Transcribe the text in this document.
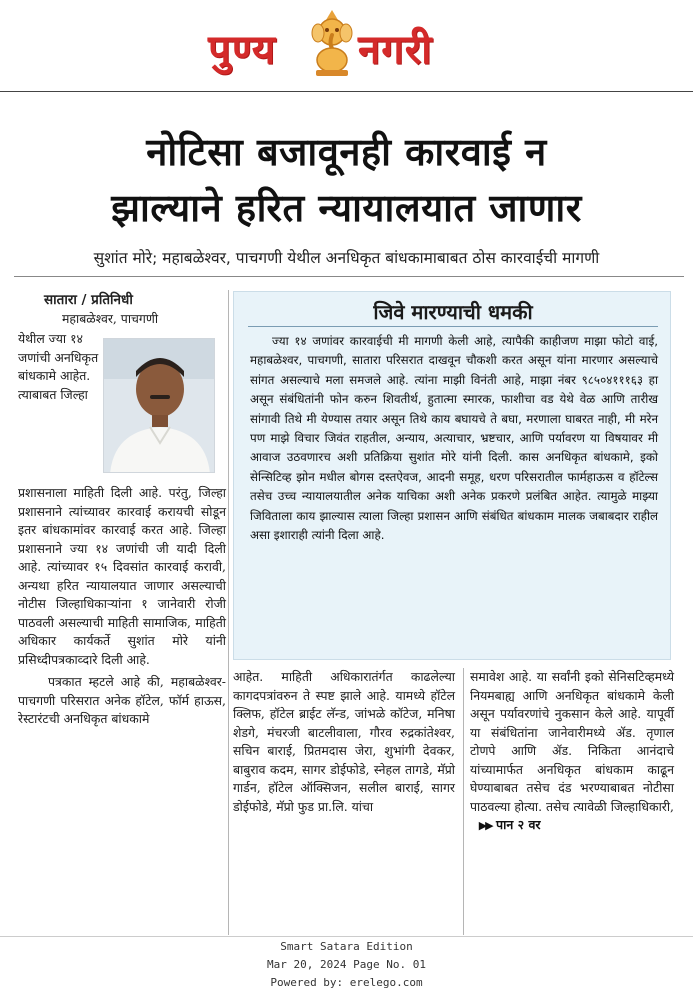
पुण्य नगरी
नोटिसा बजावूनही कारवाई न
झाल्याने हरित न्यायालयात जाणार
सुशांत मोरे; महाबळेश्वर, पाचगणी येथील अनधिकृत बांधकामाबाबत ठोस कारवाईची मागणी
सातारा / प्रतिनिधी
महाबळेश्वर, पाचगणी
येथील ज्या १४ जणांची अनधिकृत बांधकामे आहेत. त्याबाबत जिल्हा

प्रशासनाला माहिती दिली आहे. परंतु, जिल्हा प्रशासनाने त्यांच्यावर कारवाई करायची सोडून इतर बांधकामांवर कारवाई करत आहे. जिल्हा प्रशासनाने ज्या १४ जणांची जी यादी दिली आहे. त्यांच्यावर १५ दिवसांत कारवाई करावी, अन्यथा हरित न्यायालयात जाणार असल्याची नोटीस जिल्हाधिकाऱ्यांना १ जानेवारी रोजी पाठवली असल्याची माहिती सामाजिक, माहिती अधिकार कार्यकर्ते सुशांत मोरे यांनी प्रसिध्दीपत्रकाव्दारे दिली आहे.

पत्रकात म्हटले आहे की, महाबळेश्वर-पाचगणी परिसरात अनेक हॉटेल, फॉर्म हाऊस, रेस्टारंटची अनधिकृत बांधकामे

जिवे मारण्याची धमकी

ज्या १४ जणांवर कारवाईची मी मागणी केली आहे, त्यापैकी काहीजण माझा फोटो वाई, महाबळेश्वर, पाचगणी, सातारा परिसरात दाखवून चौकशी करत असून यांना मारणार असल्याचे सांगत असल्याचे मला समजले आहे. त्यांना माझी विनंती आहे, माझा नंबर ९८५०४१११६३ हा असून संबंधितांनी फोन करुन शिवतीर्थ, हुतात्मा स्मारक, फाशीचा वड येथे वेळ आणि तारीख सांगावी तिथे मी येण्यास तयार असून तिथे काय बघायचे ते बघा, मरणाला घाबरत नाही, मी मरेन पण माझे विचार जिवंत राहतील, अन्याय, अत्याचार, भ्रष्टचार, आणि पर्यावरण या विषयावर मी आवाज उठवणारच अशी प्रतिक्रिया सुशांत मोरे यांनी दिली. कास अनधिकृत बांधकामे, इको सेन्सिटिव्ह झोन मधील बोगस दस्तऐवज, आदनी समूह, धरण परिसरातील फार्महाऊस व हॉटेल्स तसेच उच्च न्यायालयातील अनेक याचिका अशी अनेक प्रकरणे प्रलंबित आहेत. त्यामुळे माझ्या जिविताला काय झाल्यास त्याला जिल्हा प्रशासन आणि संबंधित बांधकाम मालक जबाबदार राहील असा इशाराही त्यांनी दिला आहे.

आहेत. माहिती अधिकारातंर्गत काढलेल्या कागदपत्रांवरुन ते स्पष्ट झाले आहे. यामध्ये हॉटेल क्लिफ, हॉटेल ब्राईट लॅन्ड, जांभळे कॉटेज, मनिषा शेडगे, मंचरजी बाटलीवाला, गौरव रुद्रकांतेश्वर, सचिन बाराई, प्रितमदास जेरा, शुभांगी देवकर, बाबुराव कदम, सागर डोईफोडे, स्नेहल तागडे, मॅप्रो गार्डन, हॉटेल ऑक्सिजन, सलील बाराई, सागर डोईफोडे, मॅप्रो फुड प्रा.लि. यांचा

समावेश आहे. या सर्वांनी इको सेनिसटिव्हमध्ये नियमबाह्य आणि अनधिकृत बांधकामे केली असून पर्यावरणांचे नुकसान केले आहे. यापूर्वी या संबंधितांना जानेवारीमध्ये ॲड. तृणाल टोणपे आणि ॲड. निकिता आनंदाचे यांच्यामार्फत अनधिकृत बांधकाम काढून घेण्याबाबत तसेच दंड भरण्याबाबत नोटीसा पाठवल्या होत्या. तसेच त्यावेळी जिल्हाधिकारी,   ▶▶ पान २ वर

Smart Satara Edition
Mar 20, 2024 Page No. 01
Powered by: erelego.com
